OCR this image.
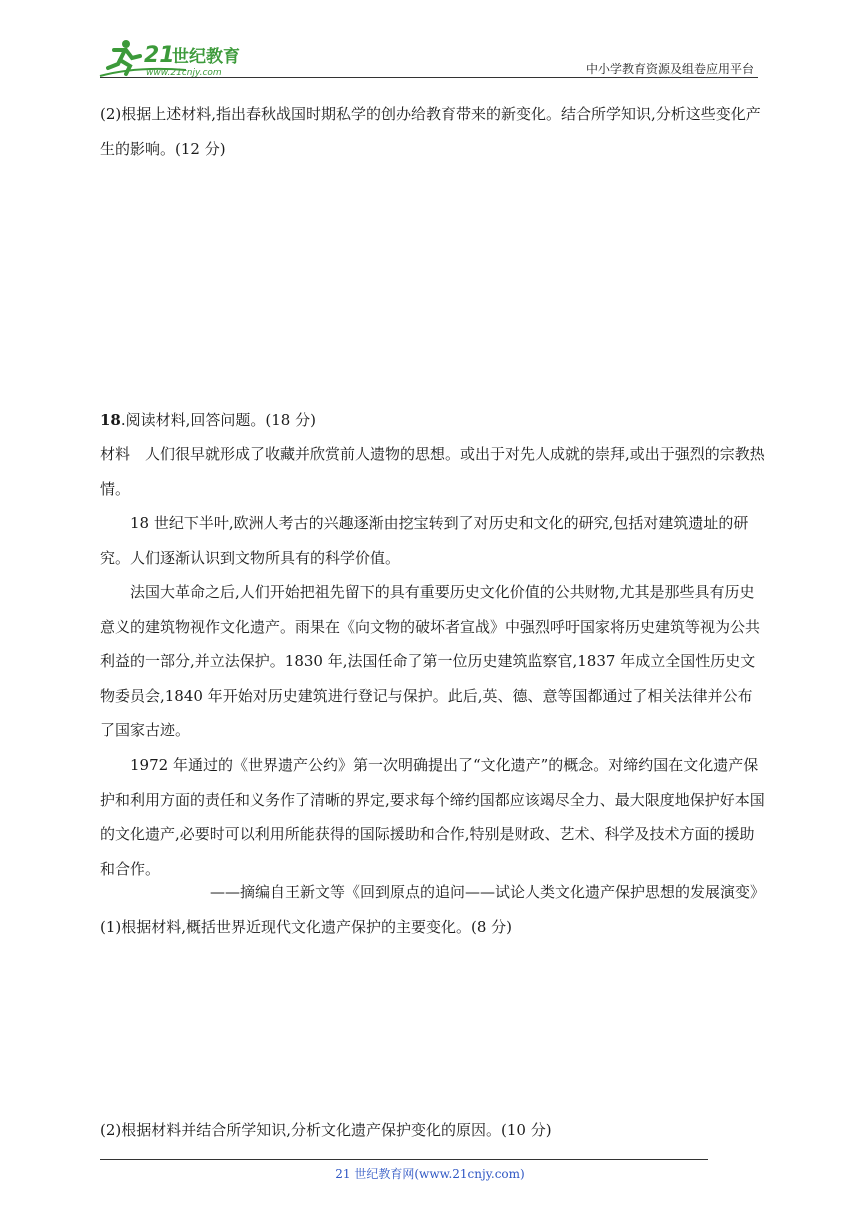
21
世纪教育
www.21cnjy.com	中小学教育资源及组卷应用平台

(2)根据上述材料,指出春秋战国时期私学的创办给教育带来的新变化。结合所学知识,分析这些变化产生的影响。(12 分)

18.阅读材料,回答问题。(18 分)

材料　人们很早就形成了收藏并欣赏前人遗物的思想。或出于对先人成就的崇拜,或出于强烈的宗教热情。

18 世纪下半叶,欧洲人考古的兴趣逐渐由挖宝转到了对历史和文化的研究,包括对建筑遗址的研究。人们逐渐认识到文物所具有的科学价值。

法国大革命之后,人们开始把祖先留下的具有重要历史文化价值的公共财物,尤其是那些具有历史意义的建筑物视作文化遗产。雨果在《向文物的破坏者宣战》中强烈呼吁国家将历史建筑等视为公共利益的一部分,并立法保护。1830 年,法国任命了第一位历史建筑监察官,1837 年成立全国性历史文物委员会,1840 年开始对历史建筑进行登记与保护。此后,英、德、意等国都通过了相关法律并公布了国家古迹。

1972 年通过的《世界遗产公约》第一次明确提出了“文化遗产”的概念。对缔约国在文化遗产保护和利用方面的责任和义务作了清晰的界定,要求每个缔约国都应该竭尽全力、最大限度地保护好本国的文化遗产,必要时可以利用所能获得的国际援助和合作,特别是财政、艺术、科学及技术方面的援助和合作。

——摘编自王新文等《回到原点的追问——试论人类文化遗产保护思想的发展演变》

(1)根据材料,概括世界近现代文化遗产保护的主要变化。(8 分)

(2)根据材料并结合所学知识,分析文化遗产保护变化的原因。(10 分)

21 世纪教育网(www.21cnjy.com)
